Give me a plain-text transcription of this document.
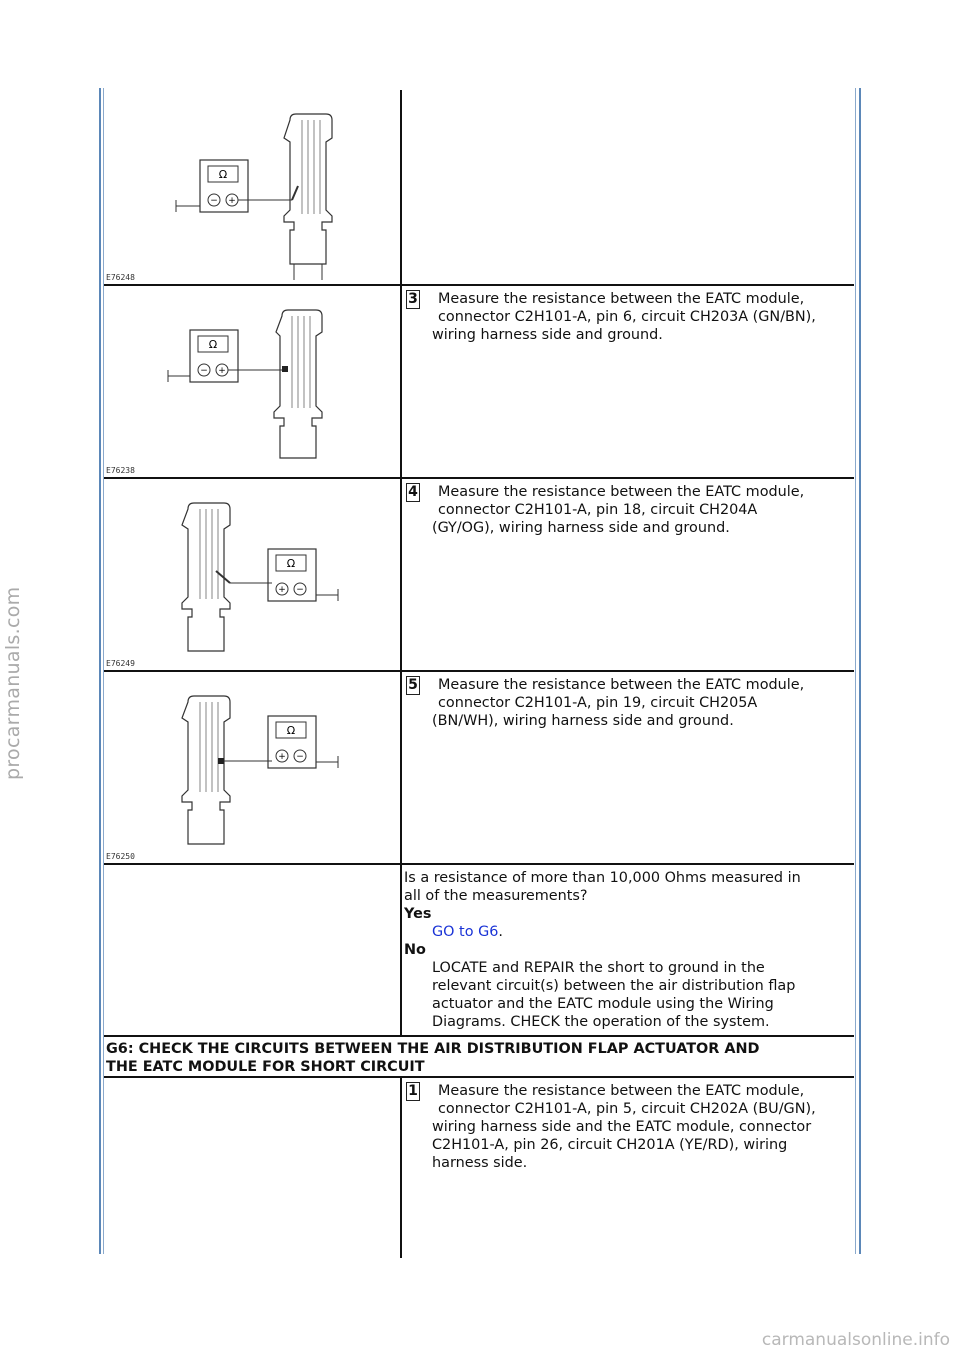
procarmanuals.com
carmanualsonline.info
Ω
− +
E76248
Ω
− +
E76238
3	Measure the resistance between the EATC module,
connector C2H101-A, pin 6, circuit CH203A (GN/BN),
wiring harness side and ground.
Ω
+ −
E76249
4	Measure the resistance between the EATC module,
connector C2H101-A, pin 18, circuit CH204A
(GY/OG), wiring harness side and ground.
Ω
+ −
E76250
5	Measure the resistance between the EATC module,
connector C2H101-A, pin 19, circuit CH205A
(BN/WH), wiring harness side and ground.
Is a resistance of more than 10,000 Ohms measured in
all of the measurements?
Yes
GO to G6.
No
LOCATE and REPAIR the short to ground in the
relevant circuit(s) between the air distribution flap
actuator and the EATC module using the Wiring
Diagrams. CHECK the operation of the system.
G6: CHECK THE CIRCUITS BETWEEN THE AIR DISTRIBUTION FLAP ACTUATOR AND
THE EATC MODULE FOR SHORT CIRCUIT
1	Measure the resistance between the EATC module,
connector C2H101-A, pin 5, circuit CH202A (BU/GN),
wiring harness side and the EATC module, connector
C2H101-A, pin 26, circuit CH201A (YE/RD), wiring
harness side.
